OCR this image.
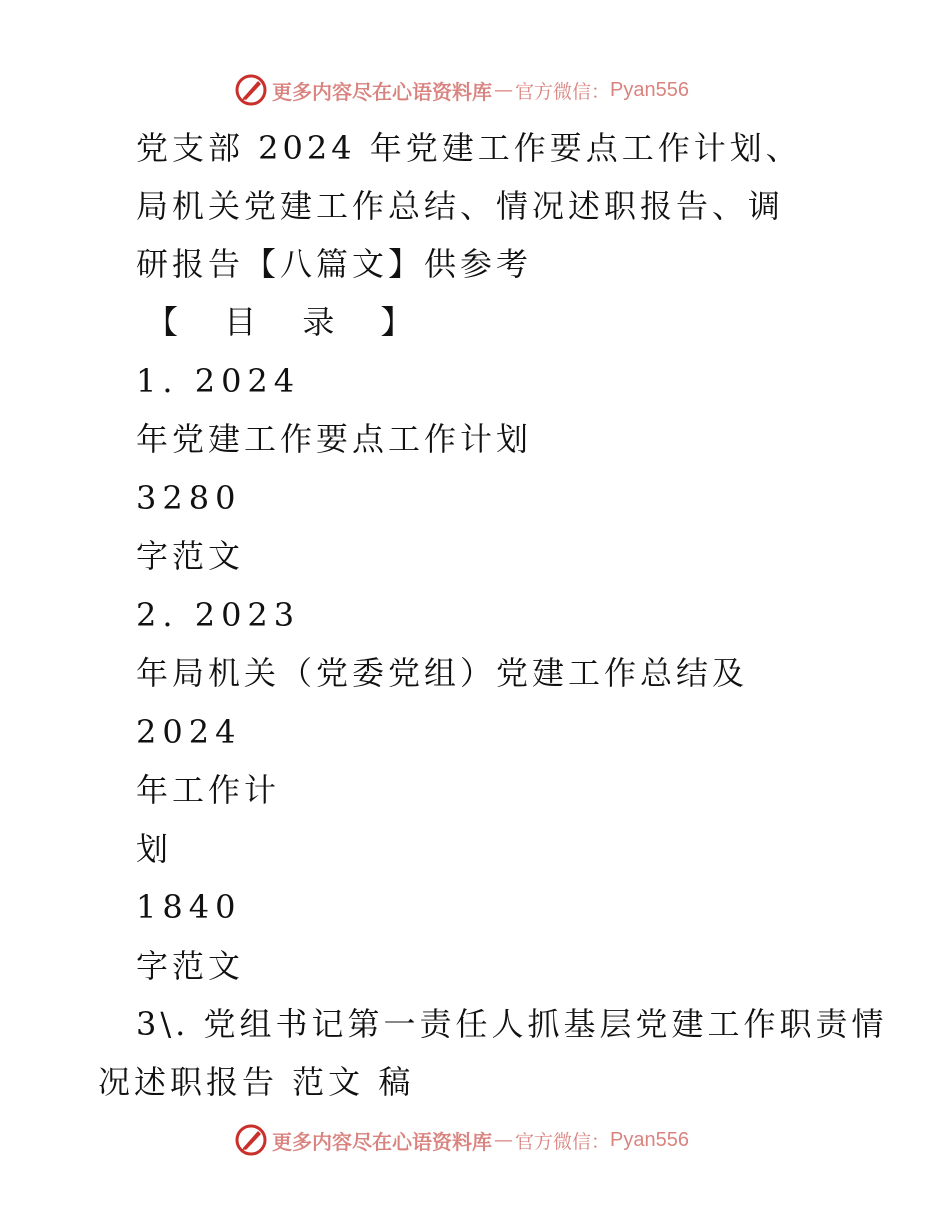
更多内容尽在心语资料库 — 官方微信： Pyan556
党支部 2024 年党建工作要点工作计划、
局机关党建工作总结、情况述职报告、调
研报告【八篇文】供参考
【 目 录 】
1. 2024
年党建工作要点工作计划
3280
字范文
2. 2023
年局机关（党委党组）党建工作总结及
2024
年工作计
划
1840
字范文
3\. 党组书记第一责任人抓基层党建工作职责情
况述职报告 范文 稿
更多内容尽在心语资料库 — 官方微信： Pyan556
